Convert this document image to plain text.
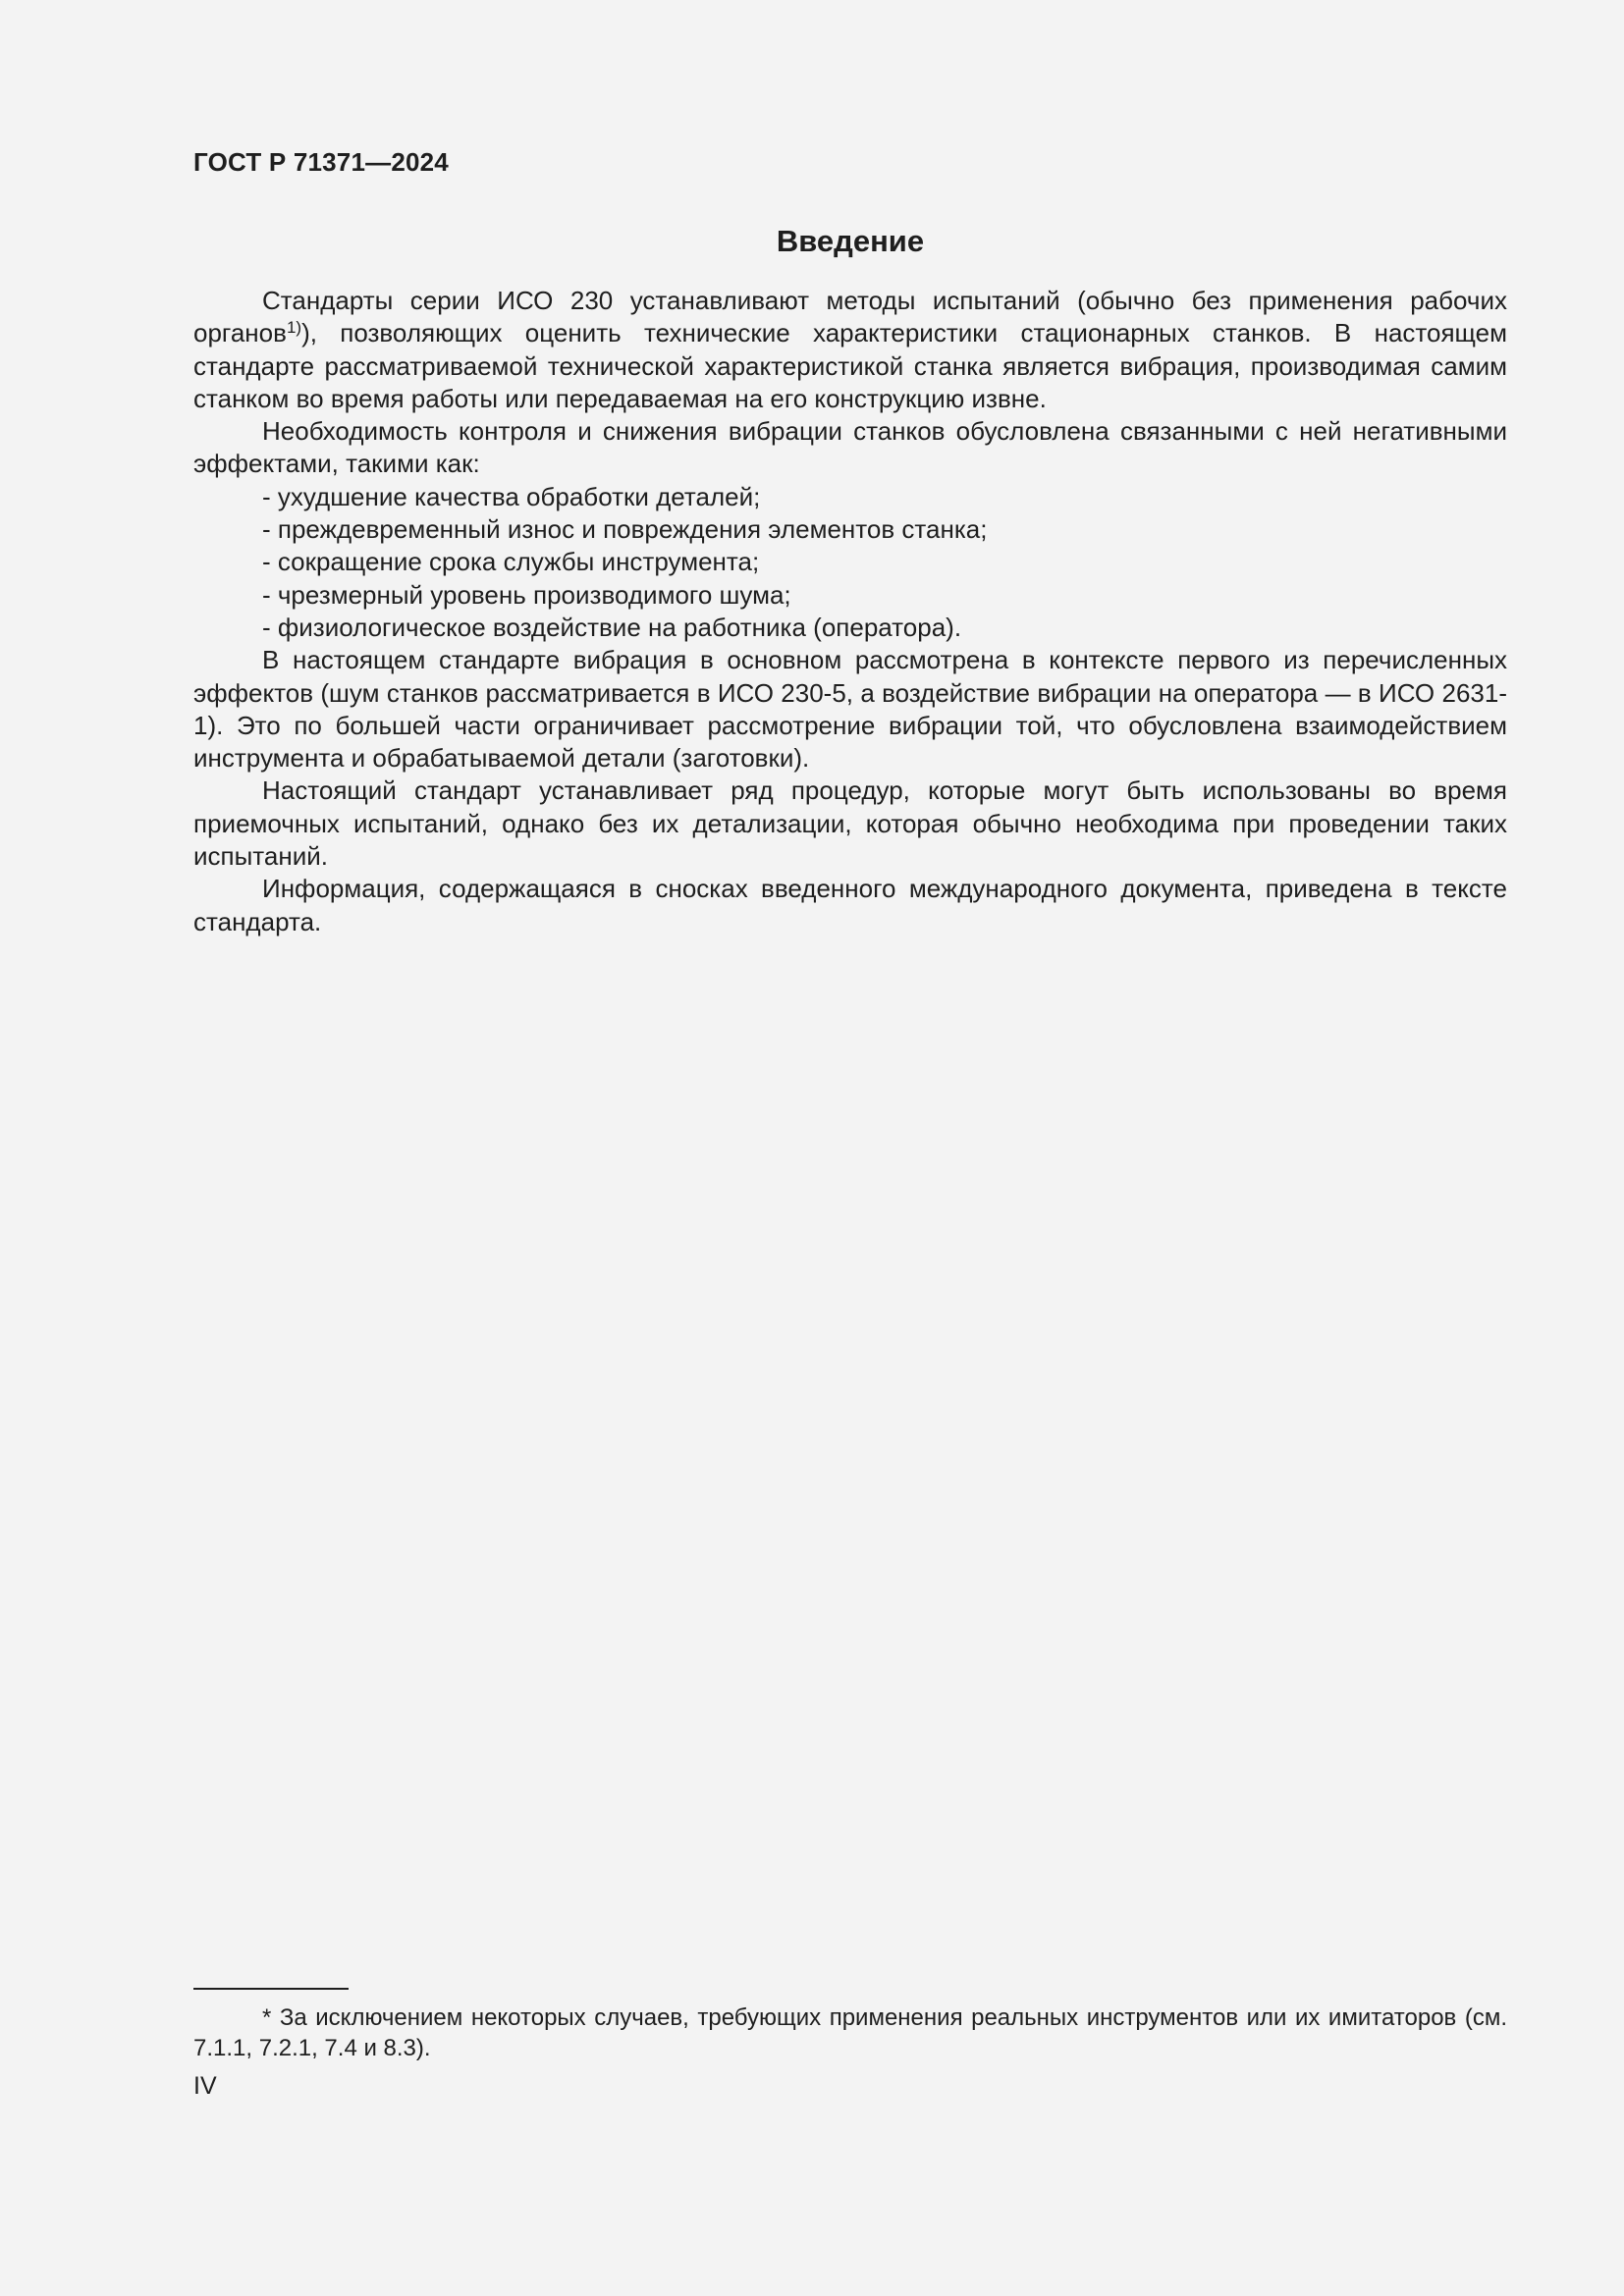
ГОСТ Р 71371—2024
Введение

Стандарты серии ИСО 230 устанавливают методы испытаний (обычно без применения рабочих органов$^{1)}$), позволяющих оценить технические характеристики стационарных станков. В настоящем стандарте рассматриваемой технической характеристикой станка является вибрация, производимая самим станком во время работы или передаваемая на его конструкцию извне.

Необходимость контроля и снижения вибрации станков обусловлена связанными с ней негативными эффектами, такими как:

- ухудшение качества обработки деталей;

- преждевременный износ и повреждения элементов станка;

- сокращение срока службы инструмента;

- чрезмерный уровень производимого шума;

- физиологическое воздействие на работника (оператора).

В настоящем стандарте вибрация в основном рассмотрена в контексте первого из перечисленных эффектов (шум станков рассматривается в ИСО 230-5, а воздействие вибрации на оператора — в ИСО 2631-1). Это по большей части ограничивает рассмотрение вибрации той, что обусловлена взаимодействием инструмента и обрабатываемой детали (заготовки).

Настоящий стандарт устанавливает ряд процедур, которые могут быть использованы во время приемочных испытаний, однако без их детализации, которая обычно необходима при проведении таких испытаний.

Информация, содержащаяся в сносках введенного международного документа, приведена в тексте стандарта.

* За исключением некоторых случаев, требующих применения реальных инструментов или их имитаторов (см. 7.1.1, 7.2.1, 7.4 и 8.3).

IV
